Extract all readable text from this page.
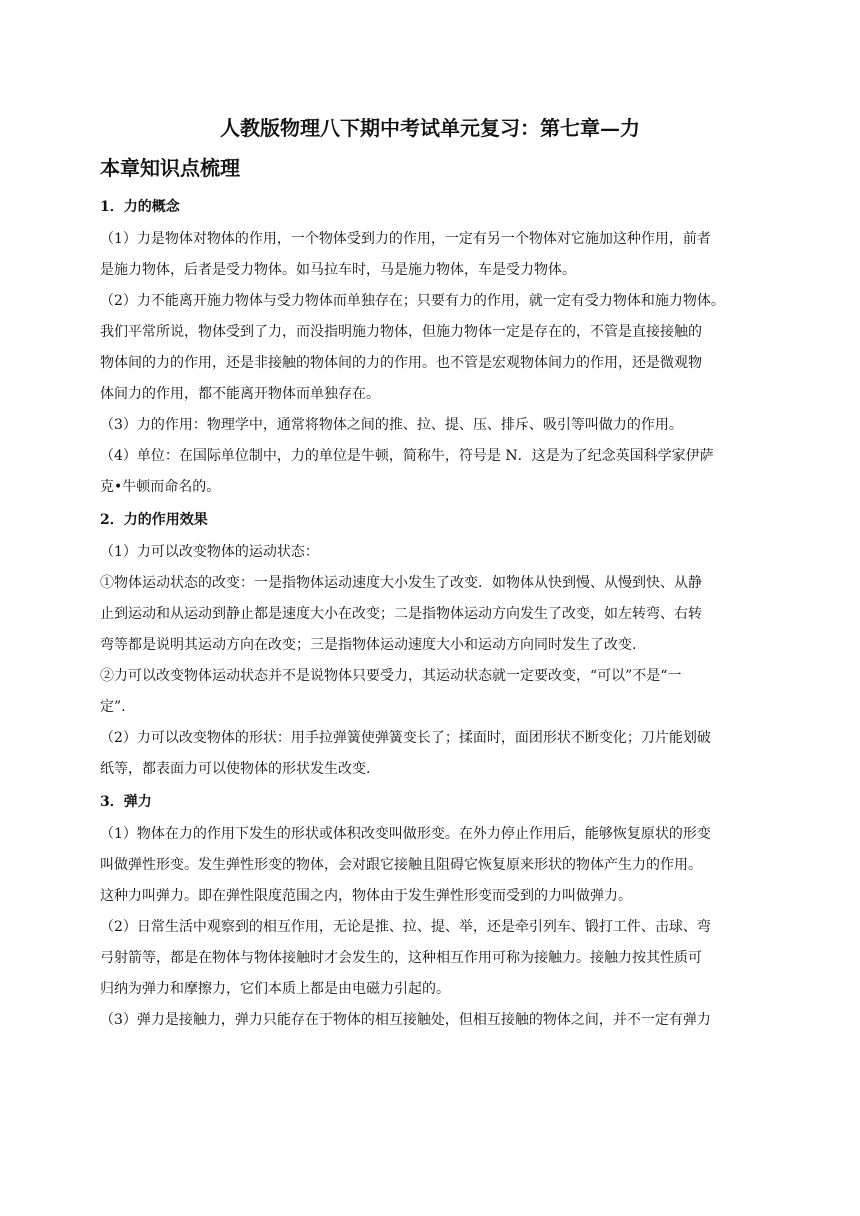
人教版物理八下期中考试单元复习：第七章—力
本章知识点梳理
1．力的概念

（1）力是物体对物体的作用，一个物体受到力的作用，一定有另一个物体对它施加这种作用，前者
是施力物体，后者是受力物体。如马拉车时，马是施力物体，车是受力物体。

（2）力不能离开施力物体与受力物体而单独存在；只要有力的作用，就一定有受力物体和施力物体。
我们平常所说，物体受到了力，而没指明施力物体，但施力物体一定是存在的，不管是直接接触的
物体间的力的作用，还是非接触的物体间的力的作用。也不管是宏观物体间力的作用，还是微观物
体间力的作用，都不能离开物体而单独存在。

（3）力的作用：物理学中，通常将物体之间的推、拉、提、压、排斥、吸引等叫做力的作用。

（4）单位：在国际单位制中，力的单位是牛顿，简称牛，符号是 N．这是为了纪念英国科学家伊萨
克•牛顿而命名的。

2．力的作用效果

（1）力可以改变物体的运动状态：

①物体运动状态的改变：一是指物体运动速度大小发生了改变．如物体从快到慢、从慢到快、从静
止到运动和从运动到静止都是速度大小在改变；二是指物体运动方向发生了改变，如左转弯、右转
弯等都是说明其运动方向在改变；三是指物体运动速度大小和运动方向同时发生了改变.

②力可以改变物体运动状态并不是说物体只要受力，其运动状态就一定要改变，“可以”不是“一
定”.

（2）力可以改变物体的形状：用手拉弹簧使弹簧变长了；揉面时，面团形状不断变化；刀片能划破
纸等，都表面力可以使物体的形状发生改变.

3．弹力

（1）物体在力的作用下发生的形状或体积改变叫做形变。在外力停止作用后，能够恢复原状的形变
叫做弹性形变。发生弹性形变的物体，会对跟它接触且阻碍它恢复原来形状的物体产生力的作用。
这种力叫弹力。即在弹性限度范围之内，物体由于发生弹性形变而受到的力叫做弹力。

（2）日常生活中观察到的相互作用，无论是推、拉、提、举，还是牵引列车、锻打工件、击球、弯
弓射箭等，都是在物体与物体接触时才会发生的，这种相互作用可称为接触力。接触力按其性质可
归纳为弹力和摩擦力，它们本质上都是由电磁力引起的。

（3）弹力是接触力，弹力只能存在于物体的相互接触处，但相互接触的物体之间，并不一定有弹力
